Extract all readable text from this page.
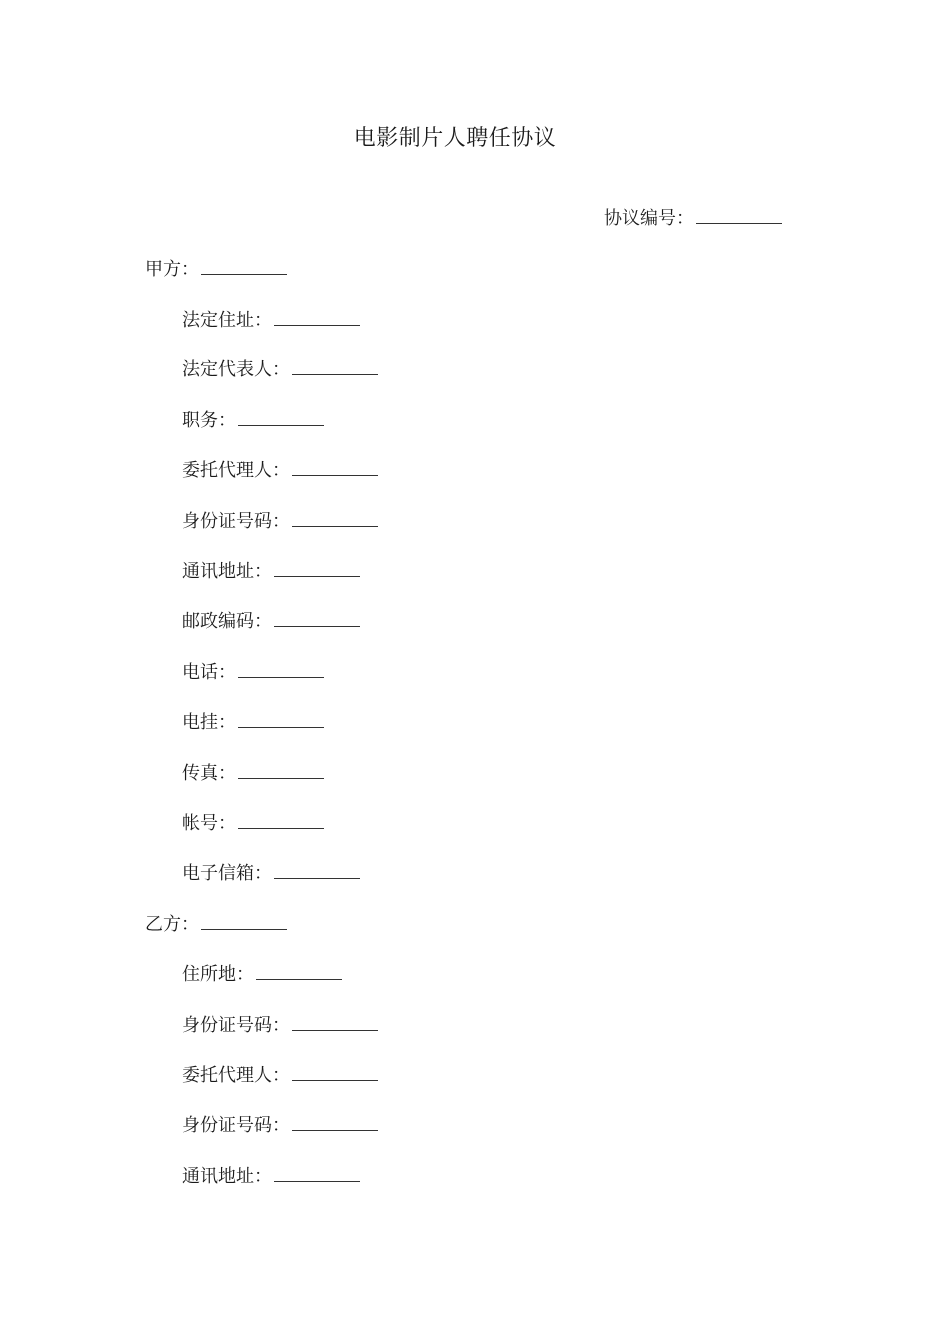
电影制片人聘任协议
协议编号：
甲方：
法定住址：
法定代表人：
职务：
委托代理人：
身份证号码：
通讯地址：
邮政编码：
电话：
电挂：
传真：
帐号：
电子信箱：
乙方：
住所地：
身份证号码：
委托代理人：
身份证号码：
通讯地址：
